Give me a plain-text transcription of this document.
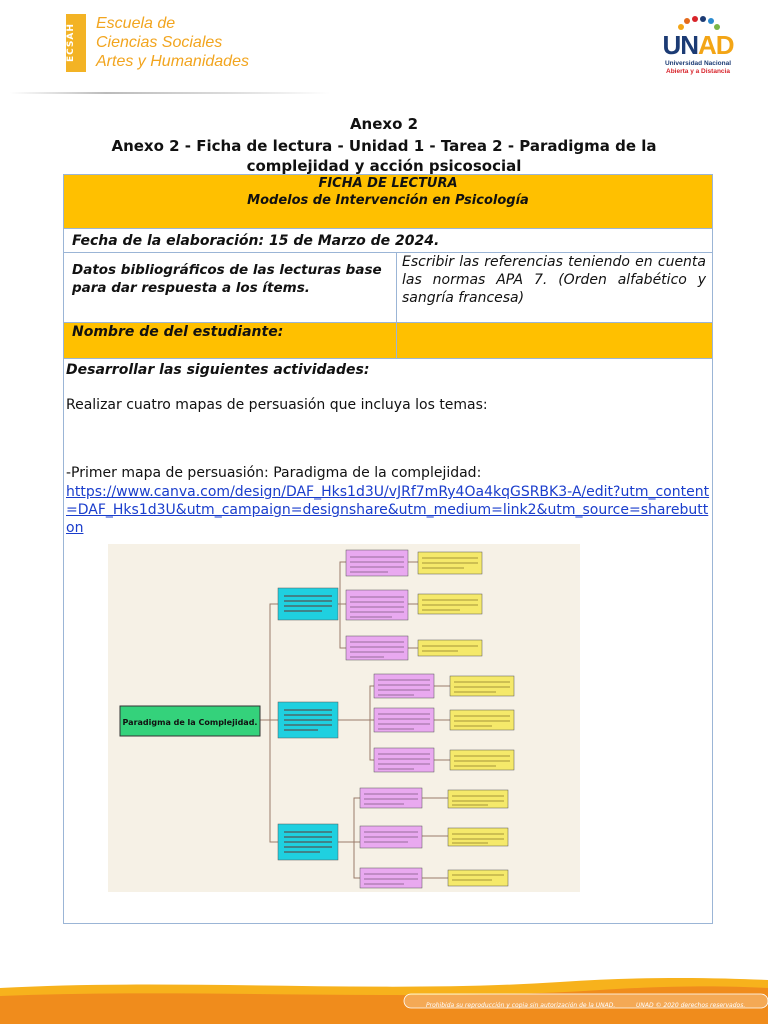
ECSAH
Escuela de
Ciencias Sociales
Artes y Humanidades
UNAD
Universidad Nacional
Abierta y a Distancia
Anexo 2
Anexo 2 - Ficha de lectura - Unidad 1 - Tarea 2 - Paradigma de la complejidad y acción psicosocial
FICHA DE LECTURA
Modelos de Intervención en Psicología
Fecha de la elaboración: 15 de Marzo de 2024.
Datos bibliográficos de las lecturas base para dar respuesta a los ítems.
Escribir las referencias teniendo en cuenta las normas APA 7. (Orden alfabético y sangría francesa)
Nombre de del estudiante:
Desarrollar las siguientes actividades:
Realizar cuatro mapas de persuasión que incluya los temas:
-Primer mapa de persuasión: Paradigma de la complejidad:
https://www.canva.com/design/DAF_Hks1d3U/vJRf7mRy4Oa4kqGSRBK3-A/edit?utm_content=DAF_Hks1d3U&utm_campaign=designshare&utm_medium=link2&utm_source=sharebutton
Paradigma de la Complejidad.
Prohibida su reproducción y copia sin autorización de la UNAD.	UNAD © 2020 derechos reservados.
